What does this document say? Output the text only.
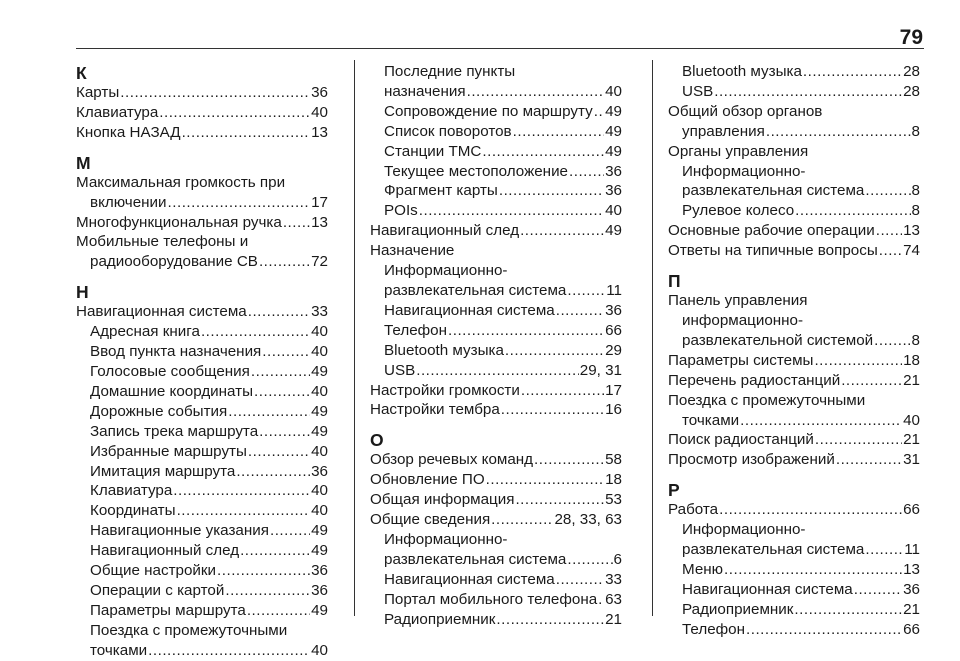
79
К
Карты .....	36
Клавиатура .....	40
Кнопка НАЗАД .....	13
М
Максимальная громкость при
включении .....	17
Многофункциональная ручка ..... 13
Мобильные телефоны и
радиооборудование CB .....	72
Н
Навигационная система .....	33
Адресная книга .....	40
Ввод пункта назначения .....	40
Голосовые сообщения .....	49
Домашние координаты .....	40
Дорожные события .....	49
Запись трека маршрута .....	49
Избранные маршруты .....	40
Имитация маршрута .....	36
Клавиатура .....	40
Координаты .....	40
Навигационные указания .....	49
Навигационный след .....	49
Общие настройки .....	36
Операции с картой .....	36
Параметры маршрута .....	49
Поездка с промежуточными
точками .....	40
Последние пункты
назначения .....	40
Сопровождение по маршруту ..... 49
Список поворотов .....	49
Станции TMC .....	49
Текущее местоположение ..... 36
Фрагмент карты .....	36
POIs .....	40
Навигационный след .....	49
Назначение
Информационно-
развлекательная система .....	11
Навигационная система .....	36
Телефон .....	66
Bluetooth музыка .....	29
USB .....	29, 31
Настройки громкости .....	17
Настройки тембра .....	16
О
Обзор речевых команд .....	58
Обновление ПО .....	18
Общая информация .....	53
Общие сведения .....	28, 33, 63
Информационно-
развлекательная система .....	6
Навигационная система .....	33
Портал мобильного телефона ..... 63
Радиоприемник .....	21
Bluetooth музыка .....	28
USB .....	28
Общий обзор органов
управления .....	8
Органы управления
Информационно-
развлекательная система .....	8
Рулевое колесо .....	8
Основные рабочие операции ..... 13
Ответы на типичные вопросы ..... 74
П
Панель управления
информационно-
развлекательной системой .....	8
Параметры системы .....	18
Перечень радиостанций .....	21
Поездка с промежуточными
точками .....	40
Поиск радиостанций .....	21
Просмотр изображений .....	31
Р
Работа .....	66
Информационно-
развлекательная система .....	11
Меню .....	13
Навигационная система .....	36
Радиоприемник .....	21
Телефон .....	66
